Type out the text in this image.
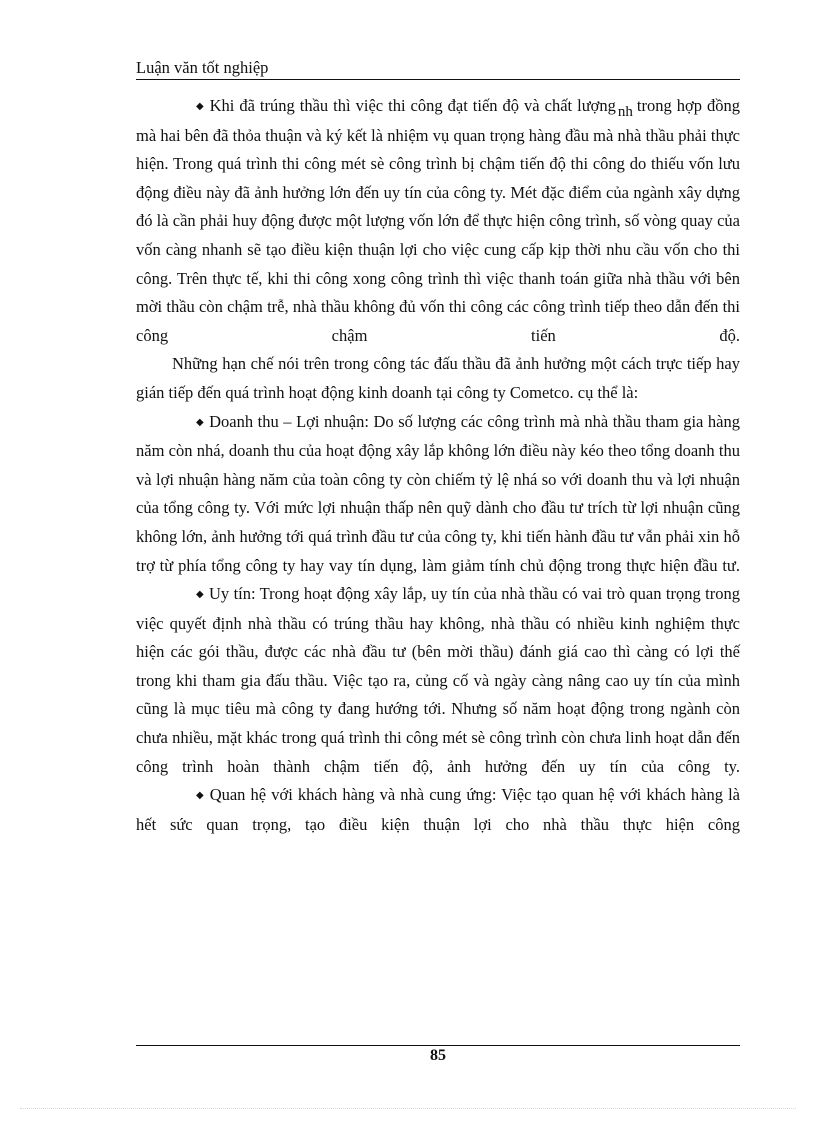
Luận văn tốt nghiệp

◆ Khi đã trúng thầu thì việc thi công đạt tiến độ và chất lượng nh trong hợp đồng mà hai bên đã thỏa thuận và ký kết là nhiệm vụ quan trọng hàng đầu mà nhà thầu phải thực hiện. Trong quá trình thi công mét sè công trình bị chậm tiến độ thi công do thiếu vốn lưu động điều này đã ảnh hưởng lớn đến uy tín của công ty. Mét đặc điểm của ngành xây dựng đó là cần phải huy động được một lượng vốn lớn để thực hiện công trình, số vòng quay của vốn càng nhanh sẽ tạo điều kiện thuận lợi cho việc cung cấp kịp thời nhu cầu vốn cho thi công. Trên thực tế, khi thi công xong công trình thì việc thanh toán giữa nhà thầu với bên mời thầu còn chậm trễ, nhà thầu không đủ vốn thi công các công trình tiếp theo dẫn đến thi công chậm tiến độ.

Những hạn chế nói trên trong công tác đấu thầu đã ảnh hưởng một cách trực tiếp hay gián tiếp đến quá trình hoạt động kinh doanh tại công ty Cometco. cụ thể là:

◆ Doanh thu – Lợi nhuận: Do số lượng các công trình mà nhà thầu tham gia hàng năm còn nhá, doanh thu của hoạt động xây lắp không lớn điều này kéo theo tổng doanh thu và lợi nhuận hàng năm của toàn công ty còn chiếm tỷ lệ nhá so với doanh thu và lợi nhuận của tổng công ty. Với mức lợi nhuận thấp nên quỹ dành cho đầu tư trích từ lợi nhuận cũng không lớn, ảnh hưởng tới quá trình đầu tư của công ty, khi tiến hành đầu tư vẫn phải xin hỗ trợ từ phía tổng công ty hay vay tín dụng, làm giảm tính chủ động trong thực hiện đầu tư.

◆ Uy tín: Trong hoạt động xây lắp, uy tín của nhà thầu có vai trò quan trọng trong việc quyết định nhà thầu có trúng thầu hay không, nhà thầu có nhiều kinh nghiệm thực hiện các gói thầu, được các nhà đầu tư (bên mời thầu) đánh giá cao thì càng có lợi thế trong khi tham gia đấu thầu. Việc tạo ra, củng cố và ngày càng nâng cao uy tín của mình cũng là mục tiêu mà công ty đang hướng tới. Nhưng số năm hoạt động trong ngành còn chưa nhiều, mặt khác trong quá trình thi công mét sè công trình còn chưa linh hoạt dẫn đến công trình hoàn thành chậm tiến độ, ảnh hưởng đến uy tín của công ty.

◆ Quan hệ với khách hàng và nhà cung ứng: Việc tạo quan hệ với khách hàng là hết sức quan trọng, tạo điều kiện thuận lợi cho nhà thầu thực hiện công

85
